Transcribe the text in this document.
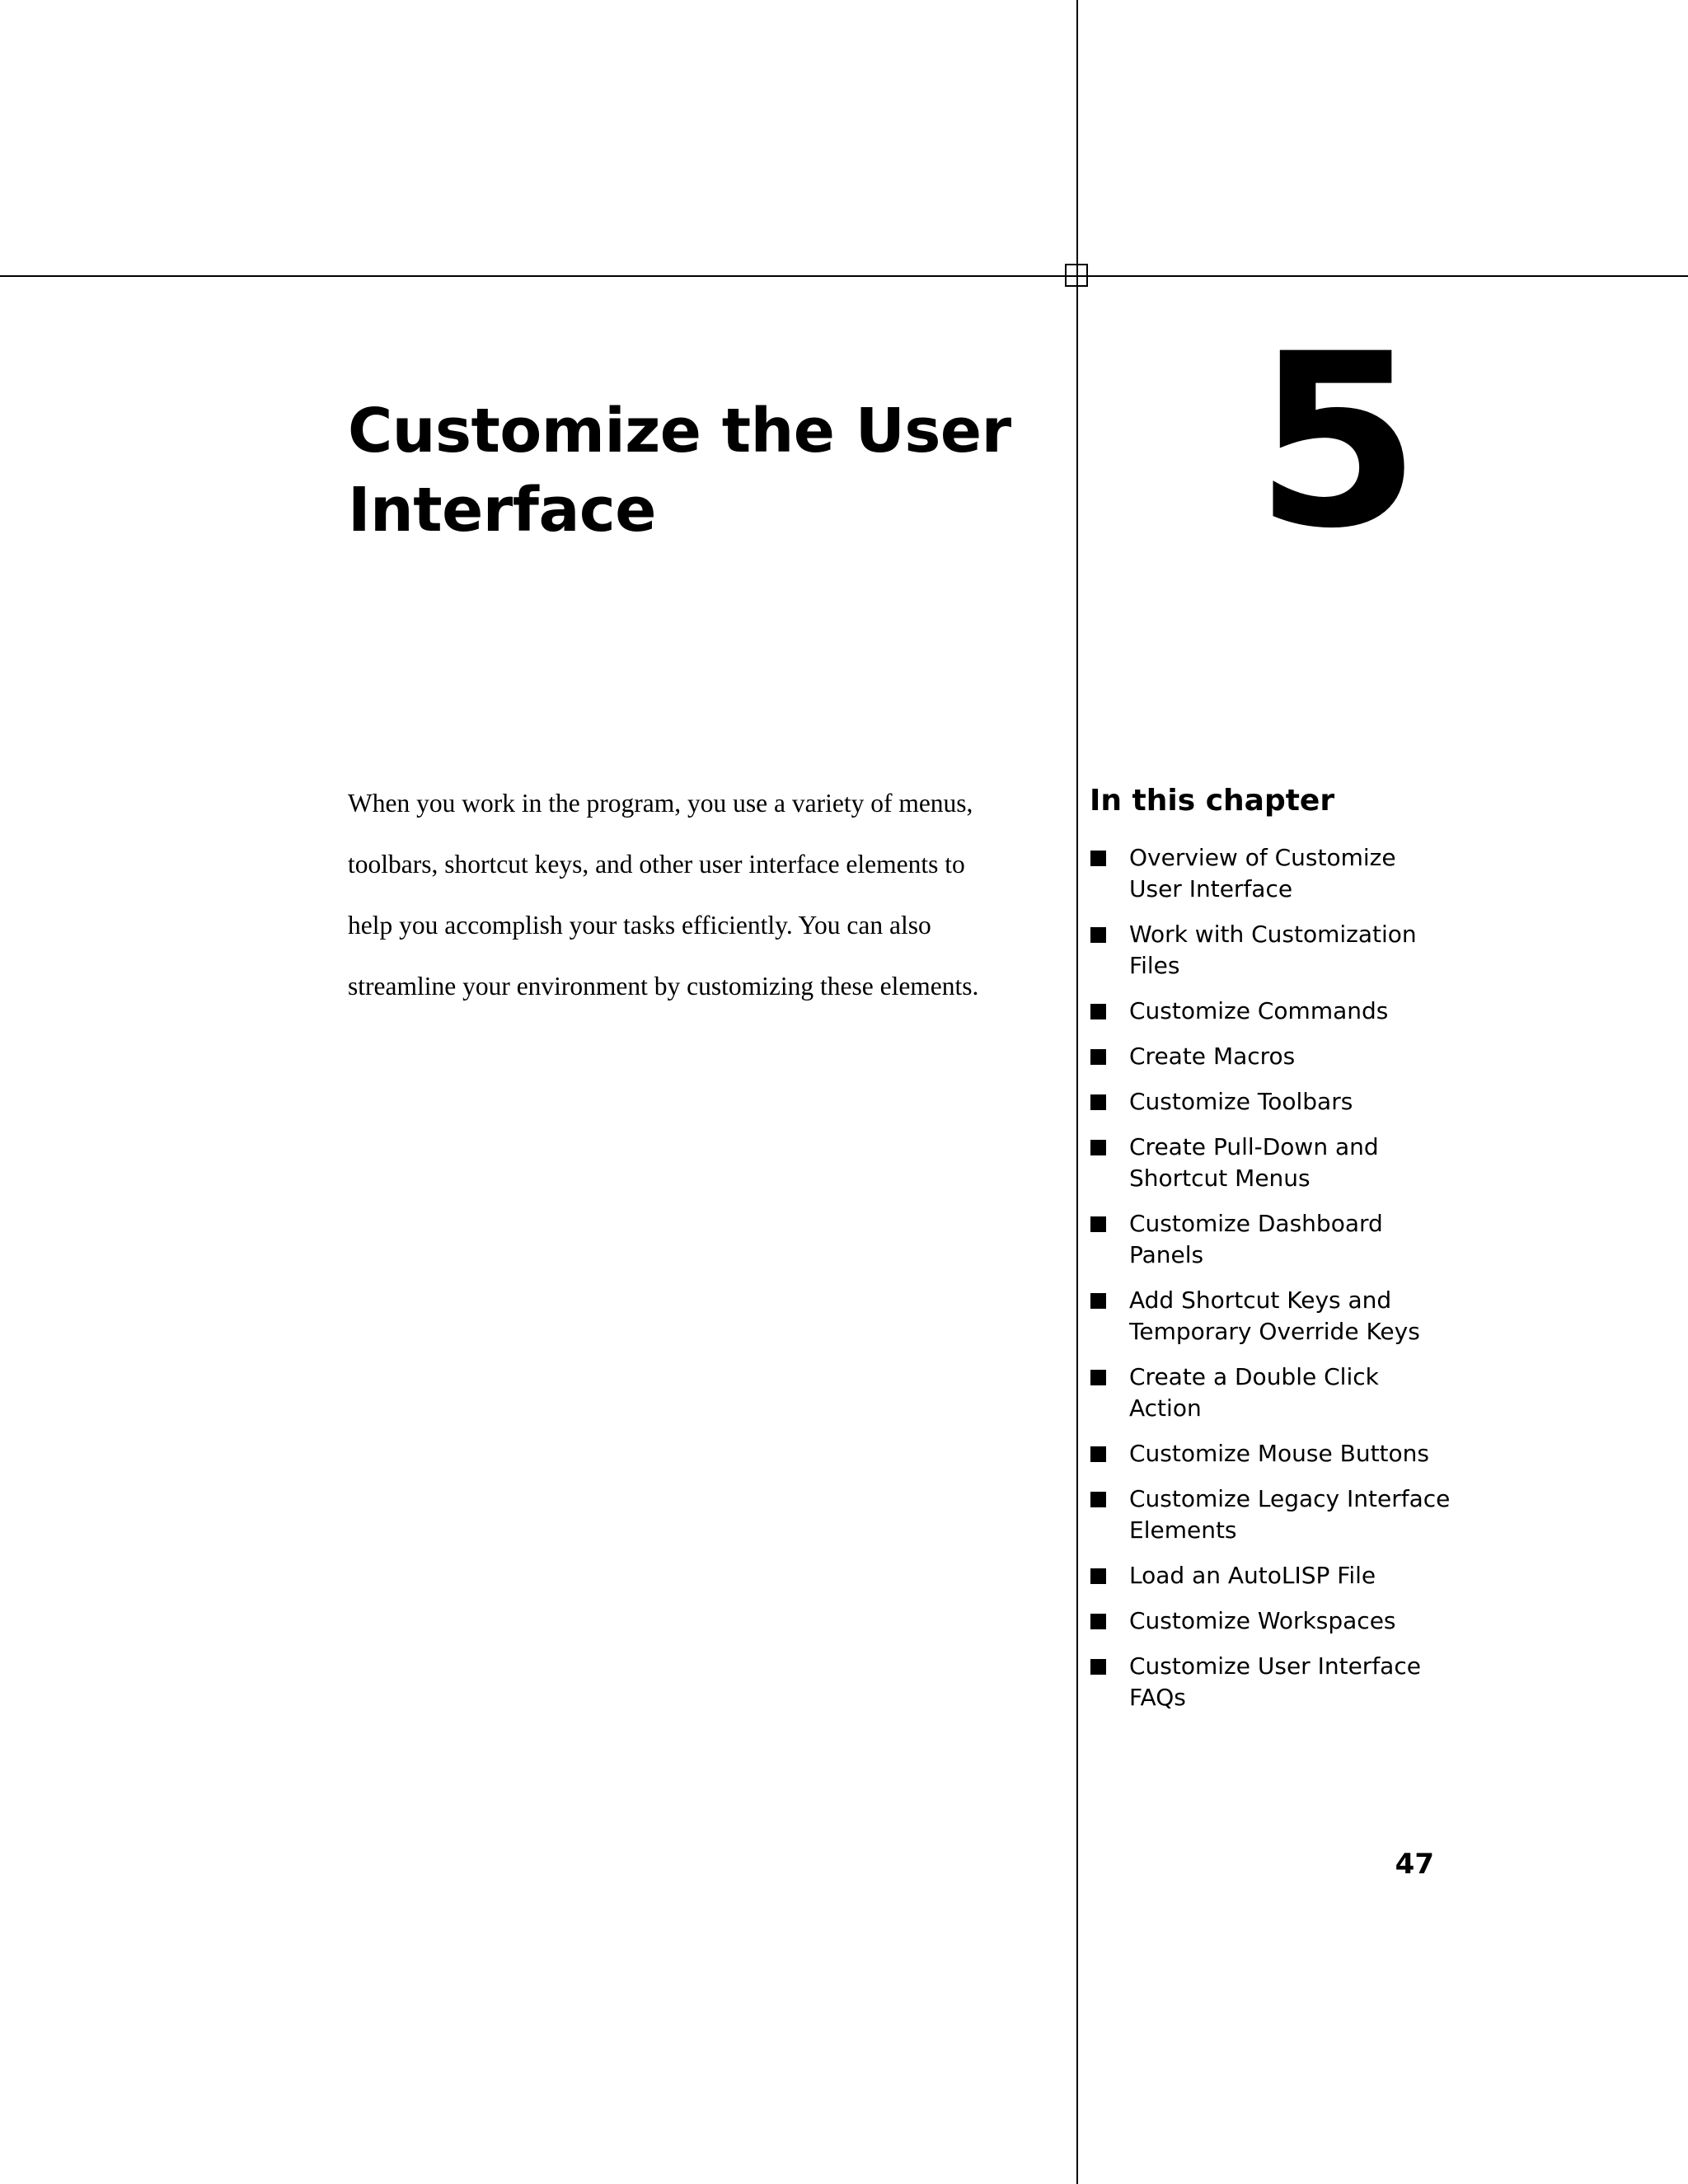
Customize the User
Interface	5
When you work in the program, you use a variety of menus,
toolbars, shortcut keys, and other user interface elements to
help you accomplish your tasks efficiently. You can also
streamline your environment by customizing these elements.
In this chapter
Overview of Customize
User Interface
Work with Customization
Files
Customize Commands
Create Macros
Customize Toolbars
Create Pull-Down and
Shortcut Menus
Customize Dashboard
Panels
Add Shortcut Keys and
Temporary Override Keys
Create a Double Click
Action
Customize Mouse Buttons
Customize Legacy Interface
Elements
Load an AutoLISP File
Customize Workspaces
Customize User Interface
FAQs
47
